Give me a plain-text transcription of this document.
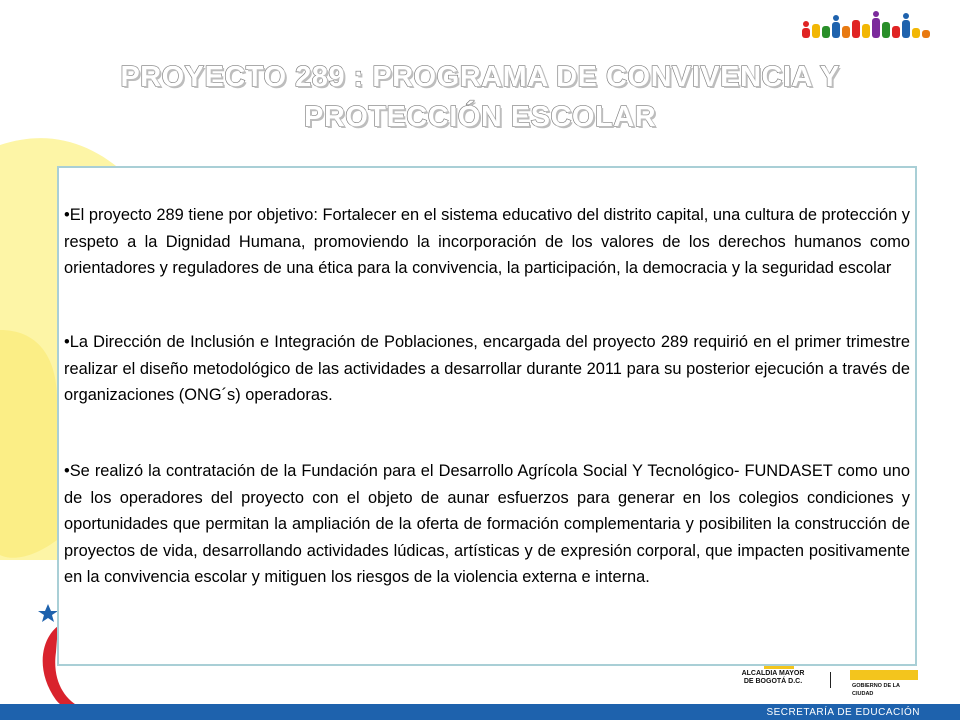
PROYECTO 289 : PROGRAMA DE CONVIVENCIA Y
PROTECCIÓN ESCOLAR

•El proyecto 289 tiene por objetivo: Fortalecer en el sistema educativo del distrito capital, una cultura de protección y respeto a la Dignidad Humana, promoviendo la incorporación de los valores de los derechos humanos como orientadores y reguladores de una ética para la convivencia, la participación, la democracia y la seguridad escolar

•La Dirección de Inclusión e Integración de Poblaciones, encargada del proyecto 289 requirió en el primer trimestre realizar el diseño metodológico de las actividades a desarrollar durante 2011 para su posterior ejecución a través de organizaciones (ONG´s) operadoras.

•Se realizó la contratación de la Fundación para el Desarrollo Agrícola Social Y Tecnológico- FUNDASET como uno de los operadores del proyecto con el objeto de aunar esfuerzos para generar en los colegios condiciones y oportunidades que permitan la ampliación de la oferta de formación complementaria y posibiliten la construcción de proyectos de vida, desarrollando actividades lúdicas, artísticas y de expresión corporal, que impacten positivamente en la convivencia escolar y mitiguen los riesgos de la violencia externa e interna.

ALCALDIA MAYOR
DE BOGOTÁ D.C.
GOBIERNO DE LA CIUDAD
SECRETARÍA DE EDUCACIÓN
